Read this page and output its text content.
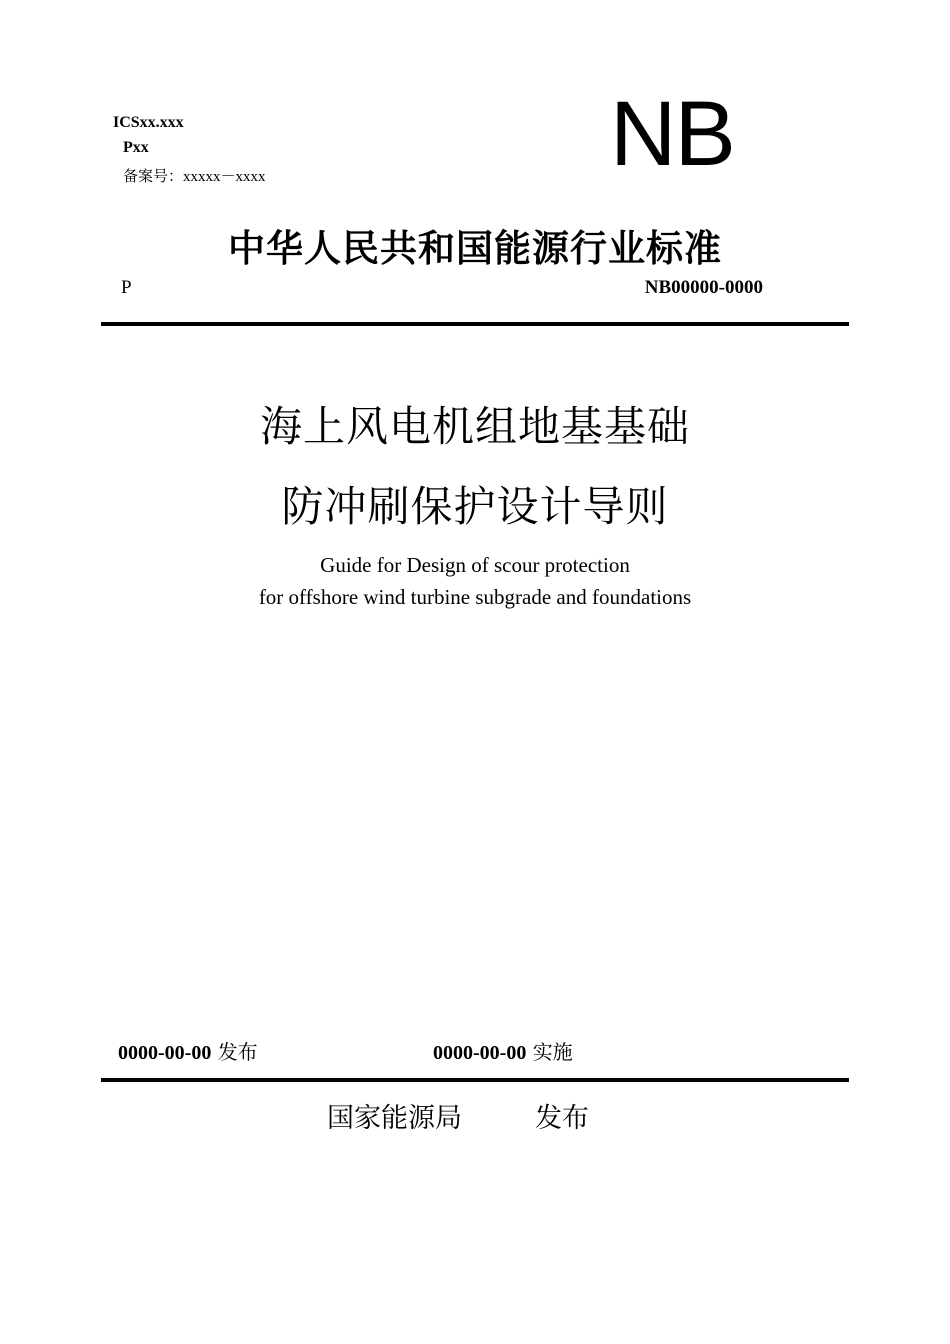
ICSxx.xxx
Pxx
备案号：xxxxx－xxxx	NB
中华人民共和国能源行业标准
P	NB00000-0000
海上风电机组地基基础
防冲刷保护设计导则
Guide for Design of scour protection
for offshore wind turbine subgrade and foundations
0000-00-00 发布	0000-00-00 实施
国家能源局	发布
